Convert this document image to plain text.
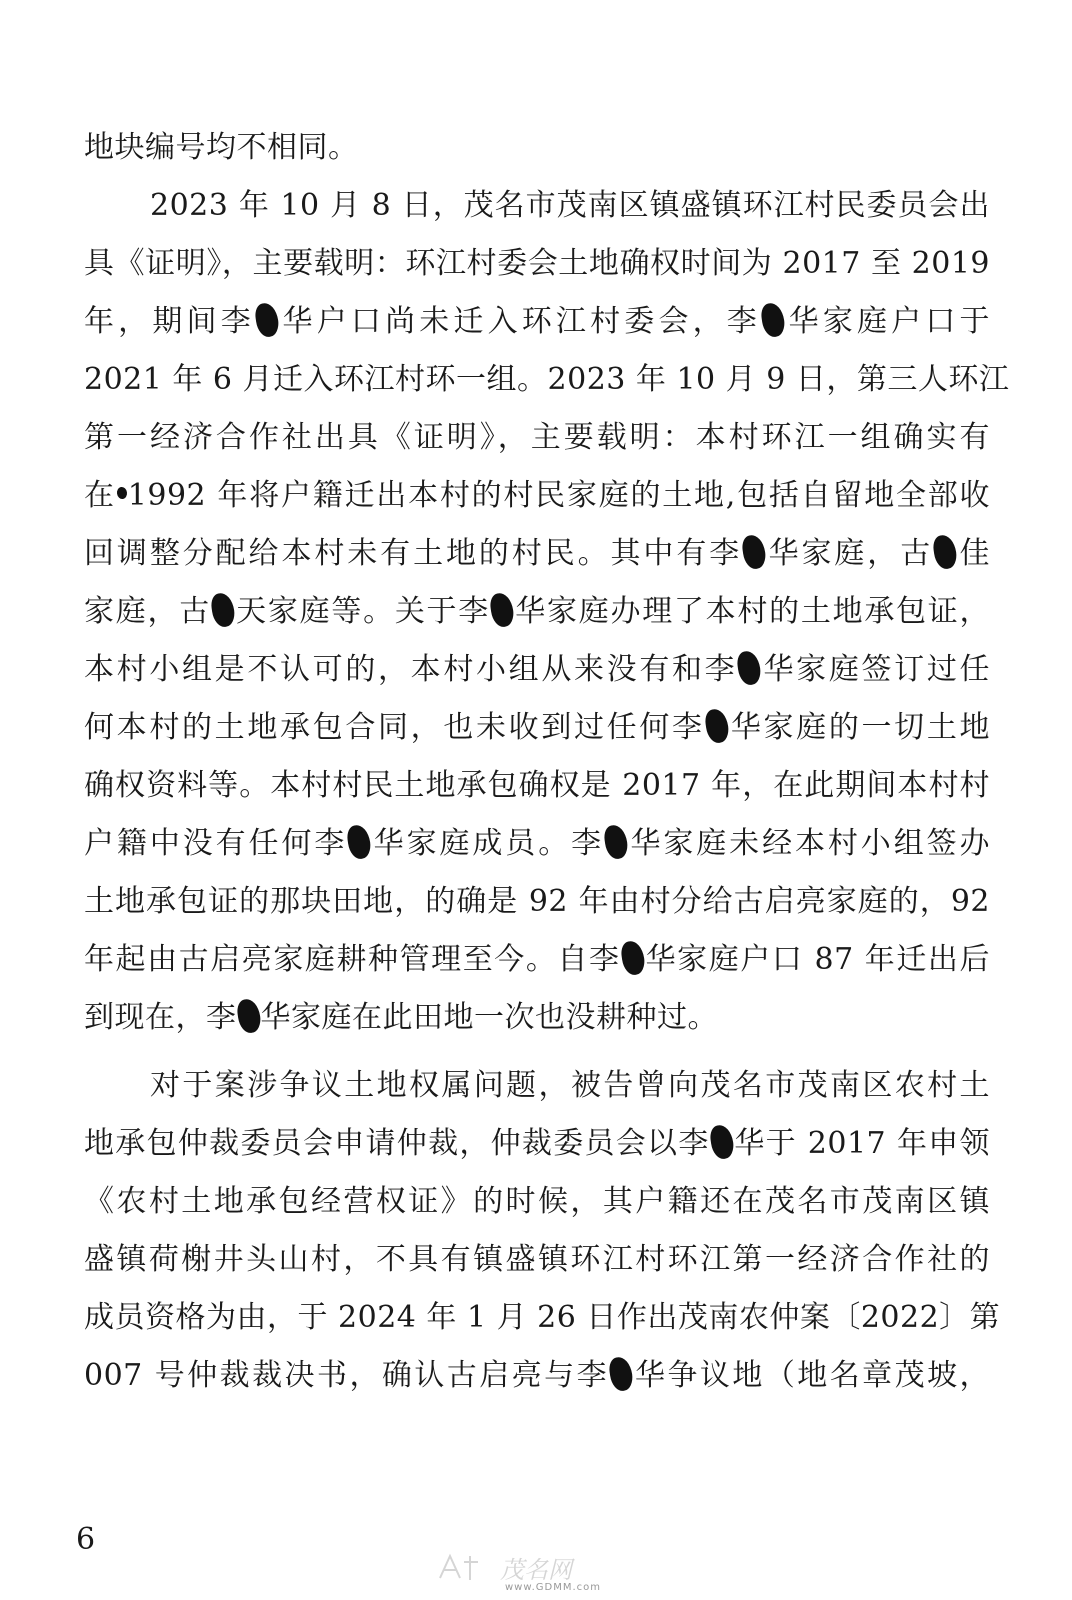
地块编号均不相同。
2023 年 10 月 8 日，茂名市茂南区镇盛镇环江村民委员会出
具《证明》，主要载明：环江村委会土地确权时间为 2017 至 2019
年，期间李 华户口尚未迁入环江村委会，李 华家庭户口于
2021 年 6 月迁入环江村环一组。2023 年 10 月 9 日，第三人环江
第一经济合作社出具《证明》，主要载明：本村环江一组确实有
在 1992 年将户籍迁出本村的村民家庭的土地,包括自留地全部收
回调整分配给本村未有土地的村民。其中有李 华家庭，古 佳
家庭，古 天家庭等。关于李 华家庭办理了本村的土地承包证，
本村小组是不认可的，本村小组从来没有和李 华家庭签订过任
何本村的土地承包合同，也未收到过任何李 华家庭的一切土地
确权资料等。本村村民土地承包确权是 2017 年，在此期间本村村
户籍中没有任何李 华家庭成员。李 华家庭未经本村小组签办
土地承包证的那块田地，的确是 92 年由村分给古启亮家庭的，92
年起由古启亮家庭耕种管理至今。自李 华家庭户口 87 年迁出后
到现在，李 华家庭在此田地一次也没耕种过。
对于案涉争议土地权属问题，被告曾向茂名市茂南区农村土
地承包仲裁委员会申请仲裁，仲裁委员会以李 华于 2017 年申领
《农村土地承包经营权证》的时候，其户籍还在茂名市茂南区镇
盛镇荷榭井头山村，不具有镇盛镇环江村环江第一经济合作社的
成员资格为由，于 2024 年 1 月 26 日作出茂南农仲案〔2022〕第
007 号仲裁裁决书，确认古启亮与李 华争议地（地名章茂坡，
6
茂名网
www.GDMM.com
